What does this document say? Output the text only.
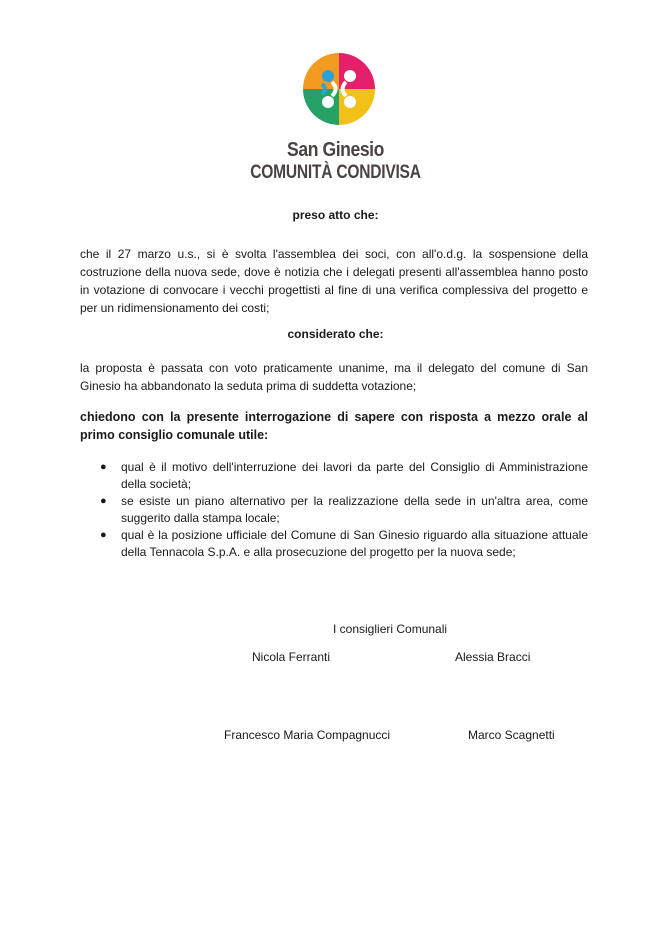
San Ginesio
COMUNITÀ CONDIVISA
preso atto che:
che il 27 marzo u.s., si è svolta l'assemblea dei soci, con all'o.d.g. la sospensione della costruzione della nuova sede, dove è notizia che i delegati presenti all'assemblea hanno posto in votazione di convocare i vecchi progettisti al fine di una verifica complessiva del progetto e per un ridimensionamento dei costi;
considerato che:
la proposta è passata con voto praticamente unanime, ma il delegato del comune di San Ginesio ha abbandonato la seduta prima di suddetta votazione;
chiedono con la presente interrogazione di sapere con risposta a mezzo orale al primo consiglio comunale utile:
● qual è il motivo dell'interruzione dei lavori da parte del Consiglio di Amministrazione della società;
● se esiste un piano alternativo per la realizzazione della sede in un'altra area, come suggerito dalla stampa locale;
● qual è la posizione ufficiale del Comune di San Ginesio riguardo alla situazione attuale della Tennacola S.p.A. e alla prosecuzione del progetto per la nuova sede;
I consiglieri Comunali
Nicola Ferranti	Alessia Bracci
Francesco Maria Compagnucci	Marco Scagnetti
